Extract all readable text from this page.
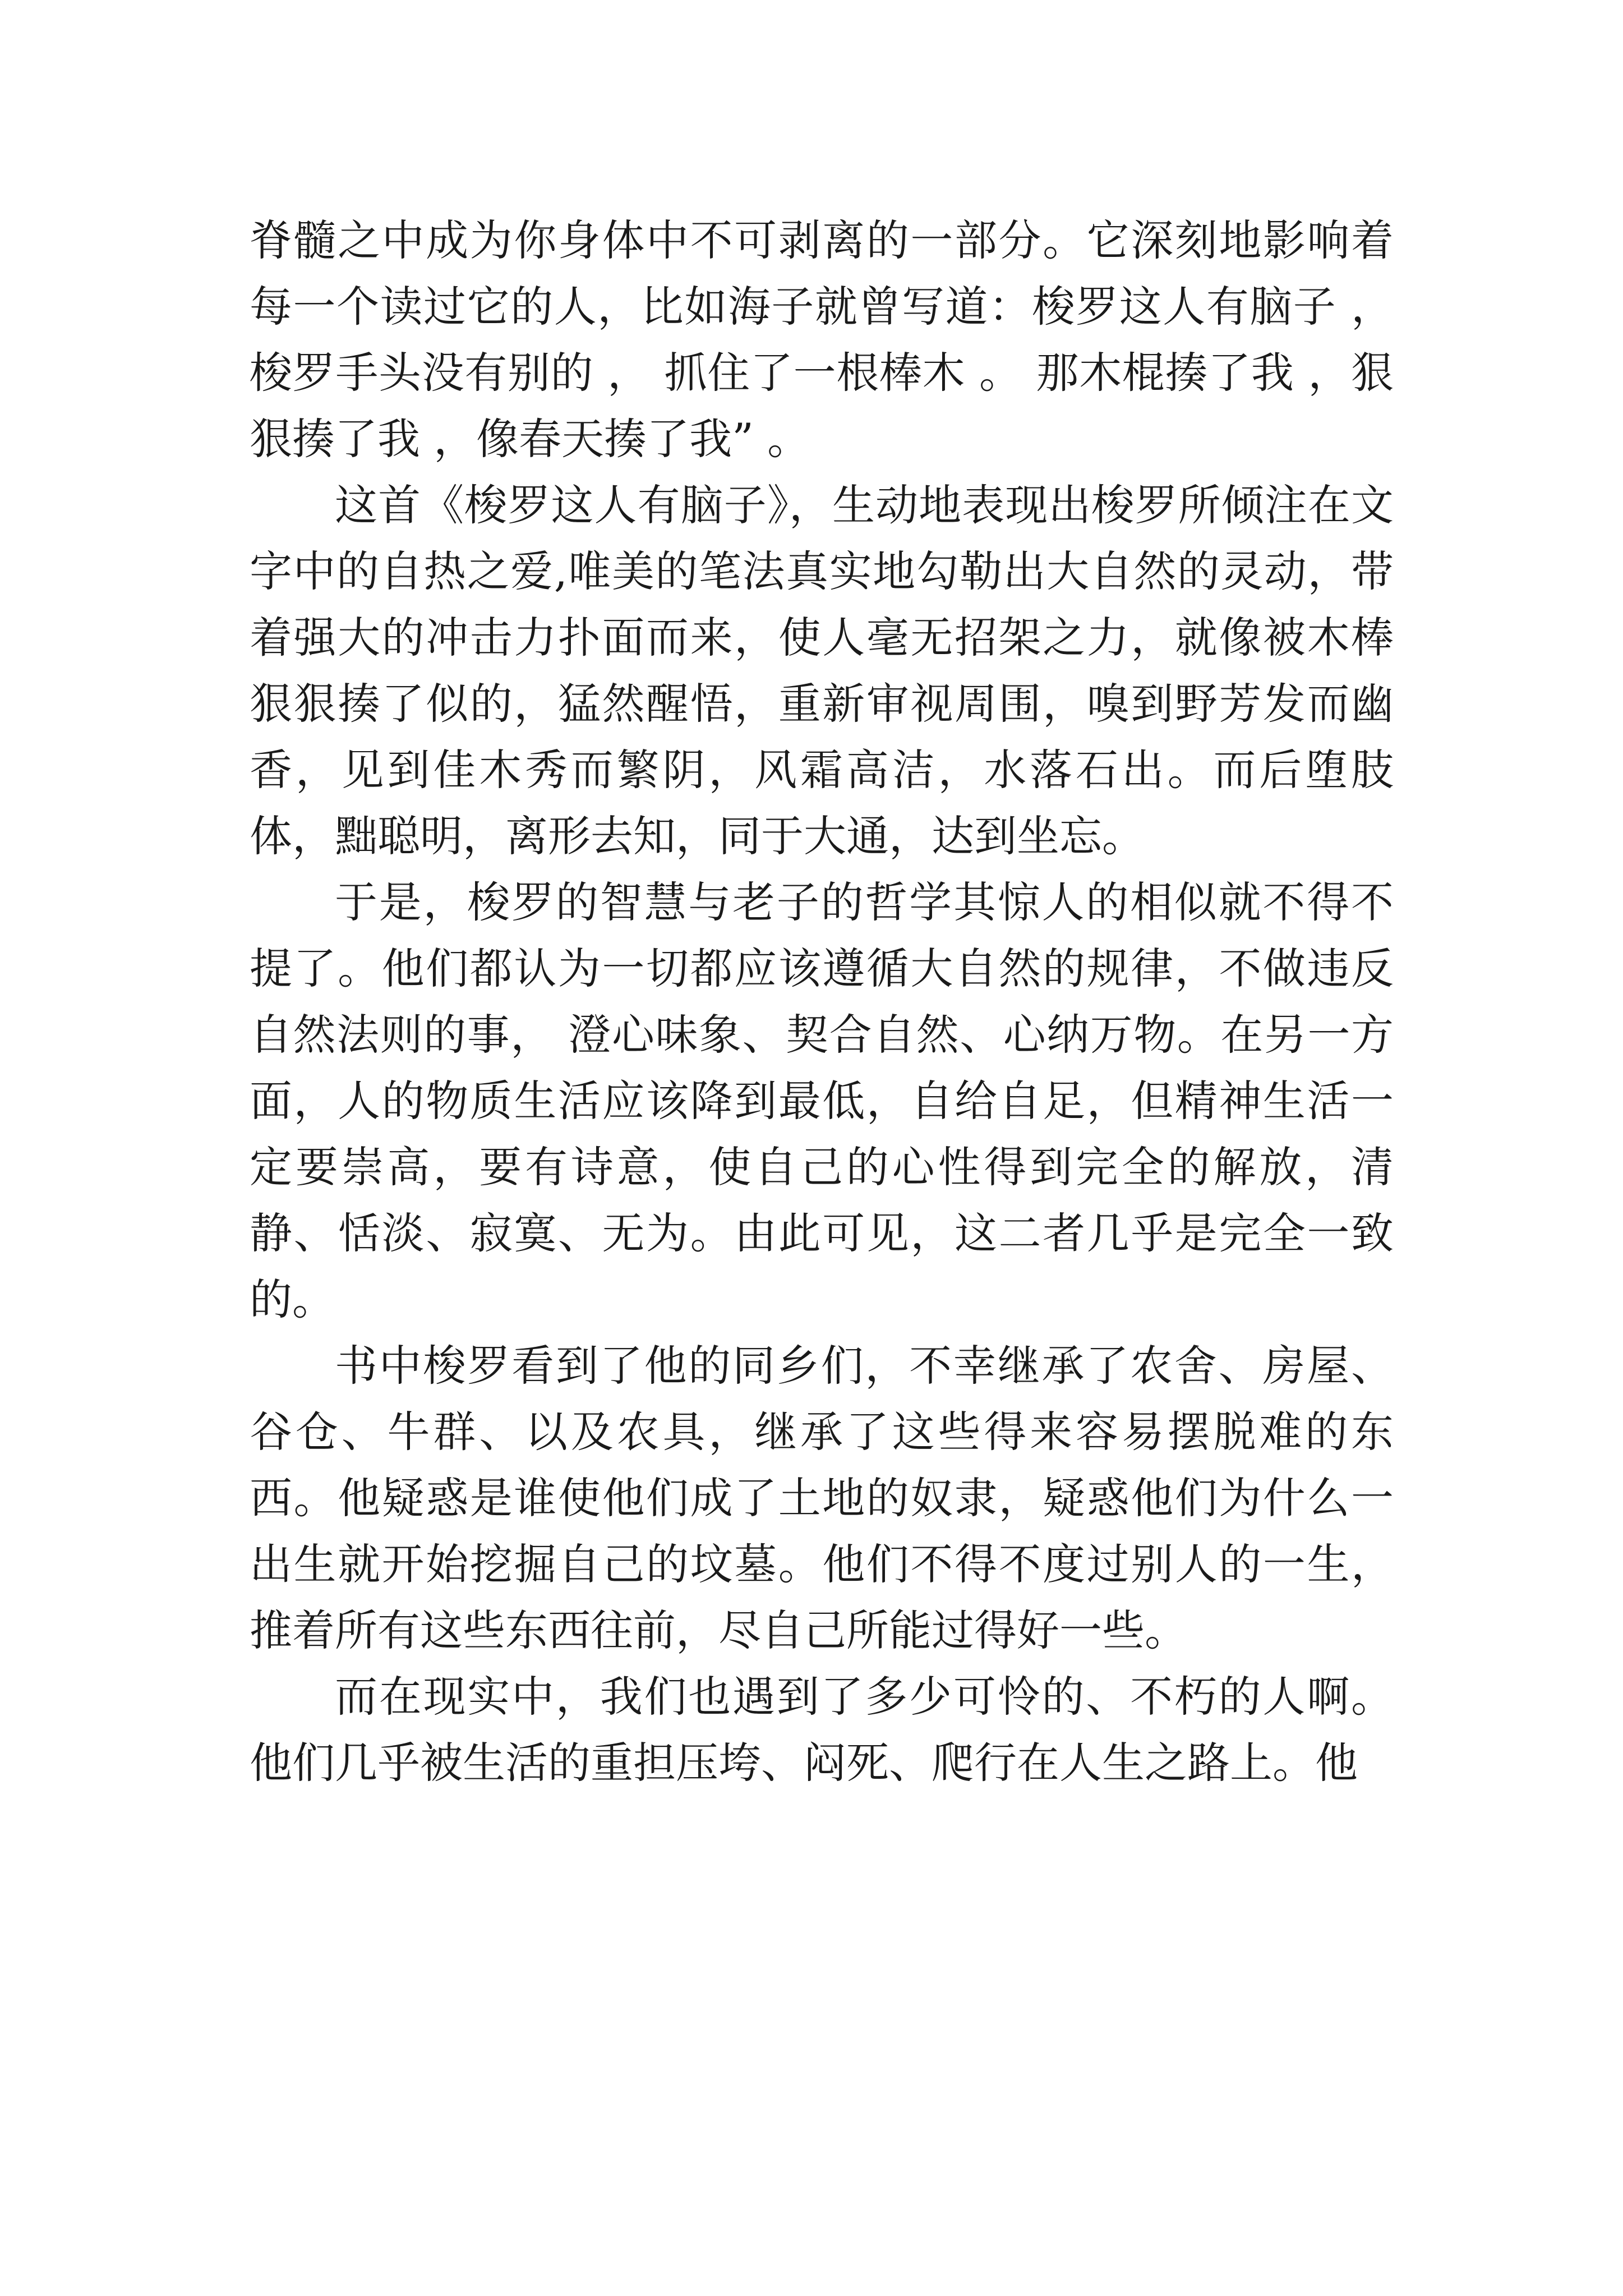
脊髓之中成为你身体中不可剥离的一部分。它深刻地影响着每一个读过它的人，比如海子就曾写道：梭罗这人有脑子 ，梭罗手头没有别的 ， 抓住了一根棒木 。 那木棍揍了我 ，狠狠揍了我 ，像春天揍了我” 。

这首《梭罗这人有脑子》，生动地表现出梭罗所倾注在文字中的自热之爱,唯美的笔法真实地勾勒出大自然的灵动，带着强大的冲击力扑面而来，使人毫无招架之力，就像被木棒狠狠揍了似的，猛然醒悟，重新审视周围，嗅到野芳发而幽香，见到佳木秀而繁阴，风霜高洁，水落石出。而后堕肢体，黜聪明，离形去知，同于大通，达到坐忘。

于是，梭罗的智慧与老子的哲学其惊人的相似就不得不提了。他们都认为一切都应该遵循大自然的规律，不做违反自然法则的事， 澄心味象、契合自然、心纳万物。在另一方面，人的物质生活应该降到最低，自给自足，但精神生活一定要崇高，要有诗意，使自己的心性得到完全的解放，清静、恬淡、寂寞、无为。由此可见，这二者几乎是完全一致的。

书中梭罗看到了他的同乡们，不幸继承了农舍、房屋、谷仓、牛群、以及农具，继承了这些得来容易摆脱难的东西。他疑惑是谁使他们成了土地的奴隶，疑惑他们为什么一出生就开始挖掘自己的坟墓。他们不得不度过别人的一生，推着所有这些东西往前，尽自己所能过得好一些。

而在现实中，我们也遇到了多少可怜的、不朽的人啊。他们几乎被生活的重担压垮、闷死、爬行在人生之路上。他
